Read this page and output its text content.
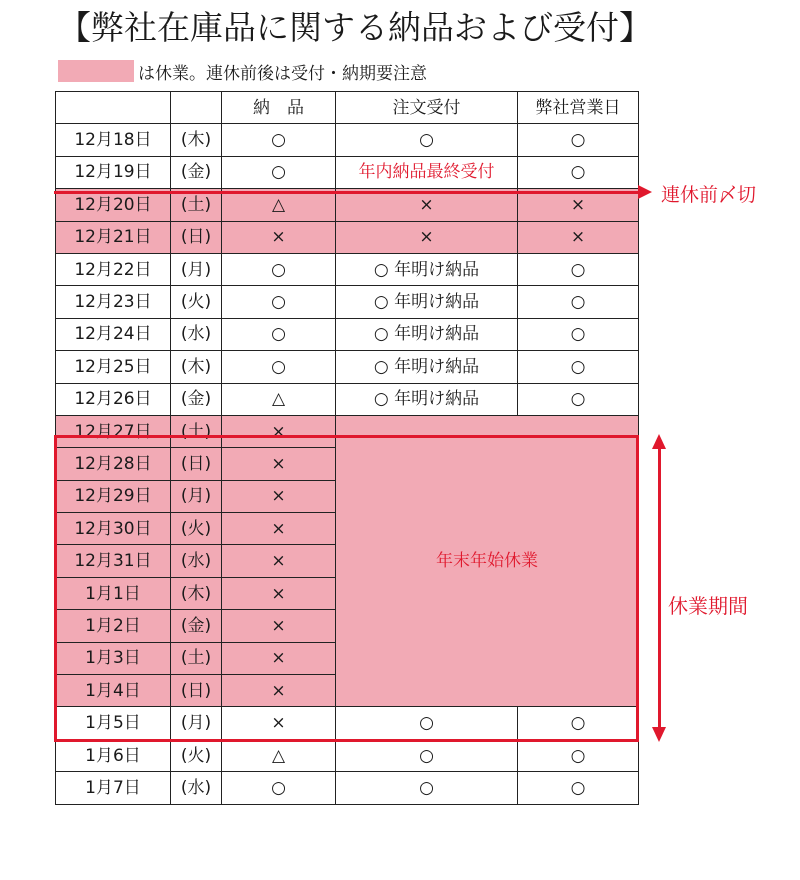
【弊社在庫品に関する納品および受付】
は休業。連休前後は受付・納期要注意
		納　品	注文受付	弊社営業日
12月18日	(木)	○	○	○
12月19日	(金)	○	年内納品最終受付	○
12月20日	(土)	△	×	×
12月21日	(日)	×	×	×
12月22日	(月)	○	○ 年明け納品	○
12月23日	(火)	○	○ 年明け納品	○
12月24日	(水)	○	○ 年明け納品	○
12月25日	(木)	○	○ 年明け納品	○
12月26日	(金)	△	○ 年明け納品	○
12月27日	(土)	×	年末年始休業	
12月28日	(日)	×		
12月29日	(月)	×		
12月30日	(火)	×		
12月31日	(水)	×		
1月1日	(木)	×		
1月2日	(金)	×		
1月3日	(土)	×		
1月4日	(日)	×		
1月5日	(月)	×	○	○
1月6日	(火)	△	○	○
1月7日	(水)	○	○	○
連休前〆切
休業期間
